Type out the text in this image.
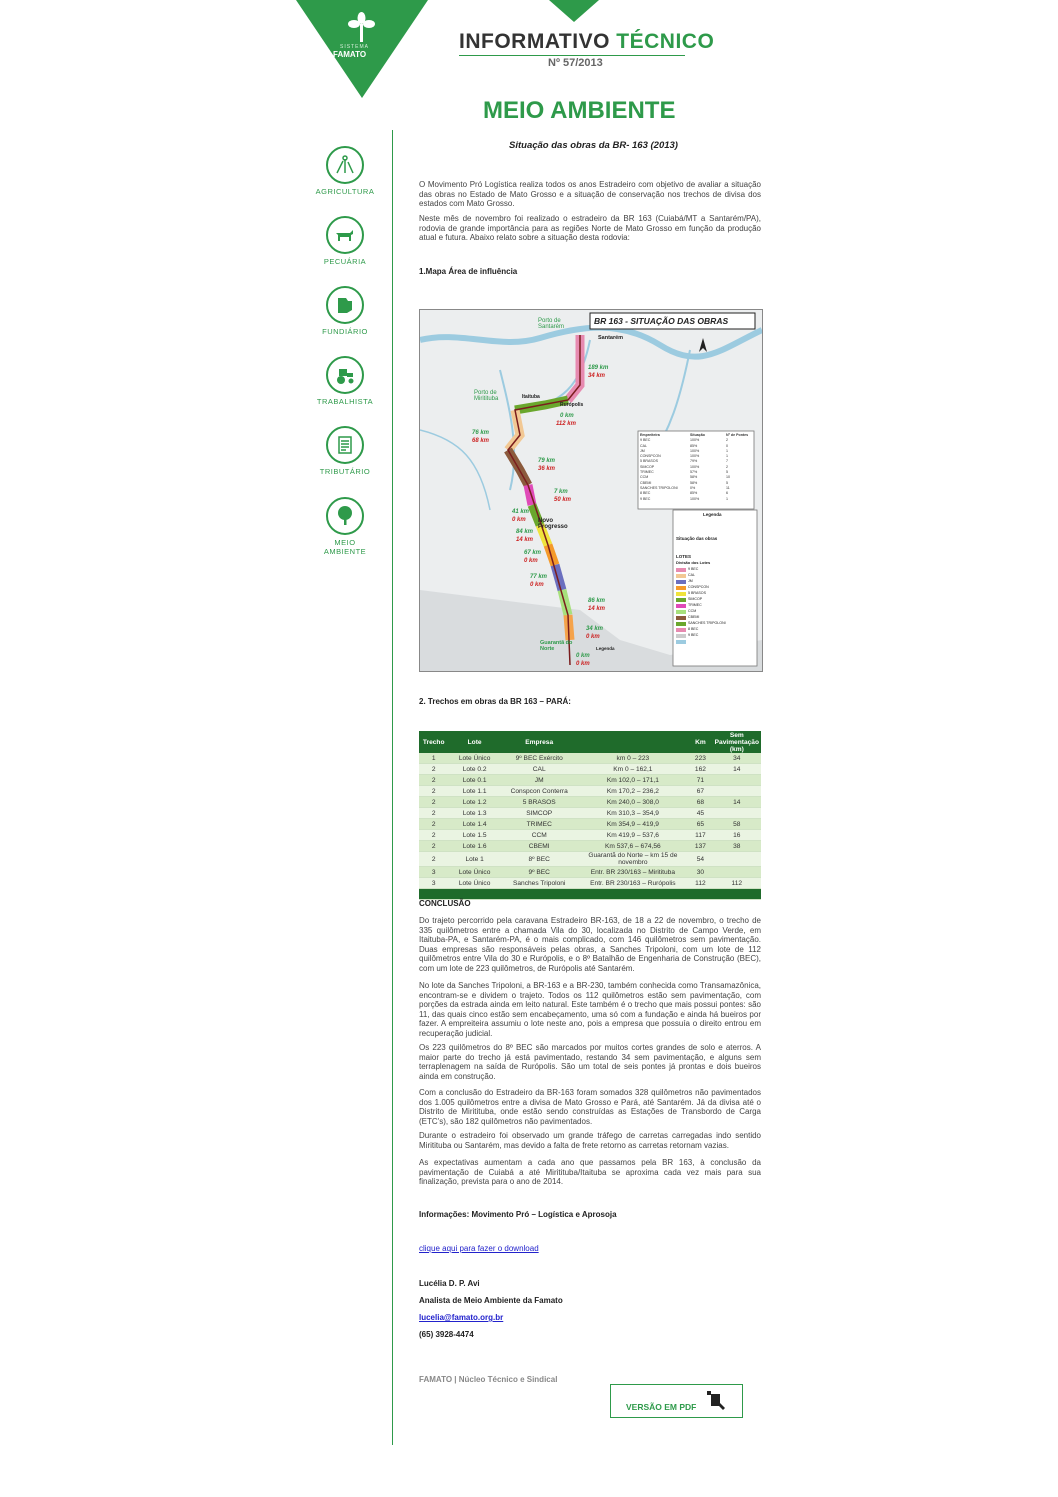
SISTEMA
FAMATO
INFORMATIVO TÉCNICO
Nº 57/2013
MEIO AMBIENTE
Situação das obras da BR- 163 (2013)
AGRICULTURA
PECUÁRIA
FUNDIÁRIO
TRABALHISTA
TRIBUTÁRIO
MEIO AMBIENTE
O Movimento Pró Logística realiza todos os anos Estradeiro com objetivo de avaliar a situação das obras no Estado de Mato Grosso e a situação de conservação nos trechos de divisa dos estados com Mato Grosso.
Neste mês de novembro foi realizado o estradeiro da BR 163 (Cuiabá/MT a Santarém/PA), rodovia de grande importância para as regiões Norte de Mato Grosso em função da produção atual e futura. Abaixo relato sobre a situação desta rodovia:
1.Mapa Área de influência
BR 163 - SITUAÇÃO DAS OBRAS
Porto de Santarém
Santarém
Porto de Miritituba	Itaituba
Rurópolis
Novo Progresso
Guarantã do Norte
189 km
34 km
0 km
112 km
76 km
68 km
79 km
36 km
7 km
50 km
41 km
0 km
84 km
14 km
67 km
0 km
77 km
0 km
86 km
14 km
34 km
0 km
0 km
0 km
Empreiteira	Situação	Nº de Pontes
9 BEC	100%	2
CAL	85%	0
JM	100%	1
CONSPCON	100%	1
5 BRASOS	79%	7
SIMCOP	100%	2
TRIMEC	57%	5
CCM	58%	10
CBEMI	58%	5
SANCHES TRIPOLONI	0%	11
8 BEC	85%	6
9 BEC	100%	1
Legenda
Situação das obras
LOTES
Divisão dos Lotes
9 BEC
CAL
JM
CONSPCON
5 BRASOS
SIMCOP
TRIMEC
CCM
CBEMI
SANCHES TRIPOLONI
8 BEC
9 BEC
Legenda
2. Trechos em obras da BR 163 – PARÁ:
Trecho	Lote	Empresa		Km	Sem Pavimentação (km)
1	Lote Único	9º BEC Exército	km 0 – 223	223	34
2	Lote 0.2	CAL	Km 0 – 162,1	162	14
2	Lote 0.1	JM	Km 102,0 – 171,1	71	
2	Lote 1.1	Conspcon Conterra	Km 170,2 – 236,2	67	
2	Lote 1.2	5 BRASOS	Km 240,0 – 308,0	68	14
2	Lote 1.3	SIMCOP	Km 310,3 – 354,9	45	
2	Lote 1.4	TRIMEC	Km 354,9 – 419,9	65	58
2	Lote 1.5	CCM	Km 419,9 – 537,6	117	16
2	Lote 1.6	CBEMI	Km 537,6 – 674,56	137	38
2	Lote 1	8º BEC	Guarantã do Norte – km 15 de novembro	54	
3	Lote Único	9º BEC	Entr. BR 230/163 – Miritituba	30	
3	Lote Único	Sanches Tripoloni	Entr. BR 230/163 – Rurópolis	112	112

CONCLUSÃO
Do trajeto percorrido pela caravana Estradeiro BR-163, de 18 a 22 de novembro, o trecho de 335 quilômetros entre a chamada Vila do 30, localizada no Distrito de Campo Verde, em Itaituba-PA, e Santarém-PA, é o mais complicado, com 146 quilômetros sem pavimentação. Duas empresas são responsáveis pelas obras, a Sanches Tripoloni, com um lote de 112 quilômetros entre Vila do 30 e Rurópolis, e o 8º Batalhão de Engenharia de Construção (BEC), com um lote de 223 quilômetros, de Rurópolis até Santarém.
No lote da Sanches Tripoloni, a BR-163 e a BR-230, também conhecida como Transamazônica, encontram-se e dividem o trajeto. Todos os 112 quilômetros estão sem pavimentação, com porções da estrada ainda em leito natural. Este também é o trecho que mais possui pontes: são 11, das quais cinco estão sem encabeçamento, uma só com a fundação e ainda há bueiros por fazer. A empreiteira assumiu o lote neste ano, pois a empresa que possuía o direito entrou em recuperação judicial.
Os 223 quilômetros do 8º BEC são marcados por muitos cortes grandes de solo e aterros. A maior parte do trecho já está pavimentado, restando 34 sem pavimentação, e alguns sem terraplenagem na saída de Rurópolis. São um total de seis pontes já prontas e dois bueiros ainda em construção.
Com a conclusão do Estradeiro da BR-163 foram somados 328 quilômetros não pavimentados dos 1.005 quilômetros entre a divisa de Mato Grosso e Pará, até Santarém. Já da divisa até o Distrito de Miritituba, onde estão sendo construídas as Estações de Transbordo de Carga (ETC's), são 182 quilômetros não pavimentados.
Durante o estradeiro foi observado um grande tráfego de carretas carregadas indo sentido Miritituba ou Santarém, mas devido a falta de frete retorno as carretas retornam vazias.
As expectativas aumentam a cada ano que passamos pela BR 163, à conclusão da pavimentação de Cuiabá a até Miritituba/Itaituba se aproxima cada vez mais para sua finalização, prevista para o ano de 2014.
Informações: Movimento Pró – Logística e Aprosoja
clique aqui para fazer o download
Lucélia D. P. Avi
Analista de Meio Ambiente da Famato
lucelia@famato.org.br
(65) 3928-4474
FAMATO | Núcleo Técnico e Sindical
VERSÃO EM PDF
